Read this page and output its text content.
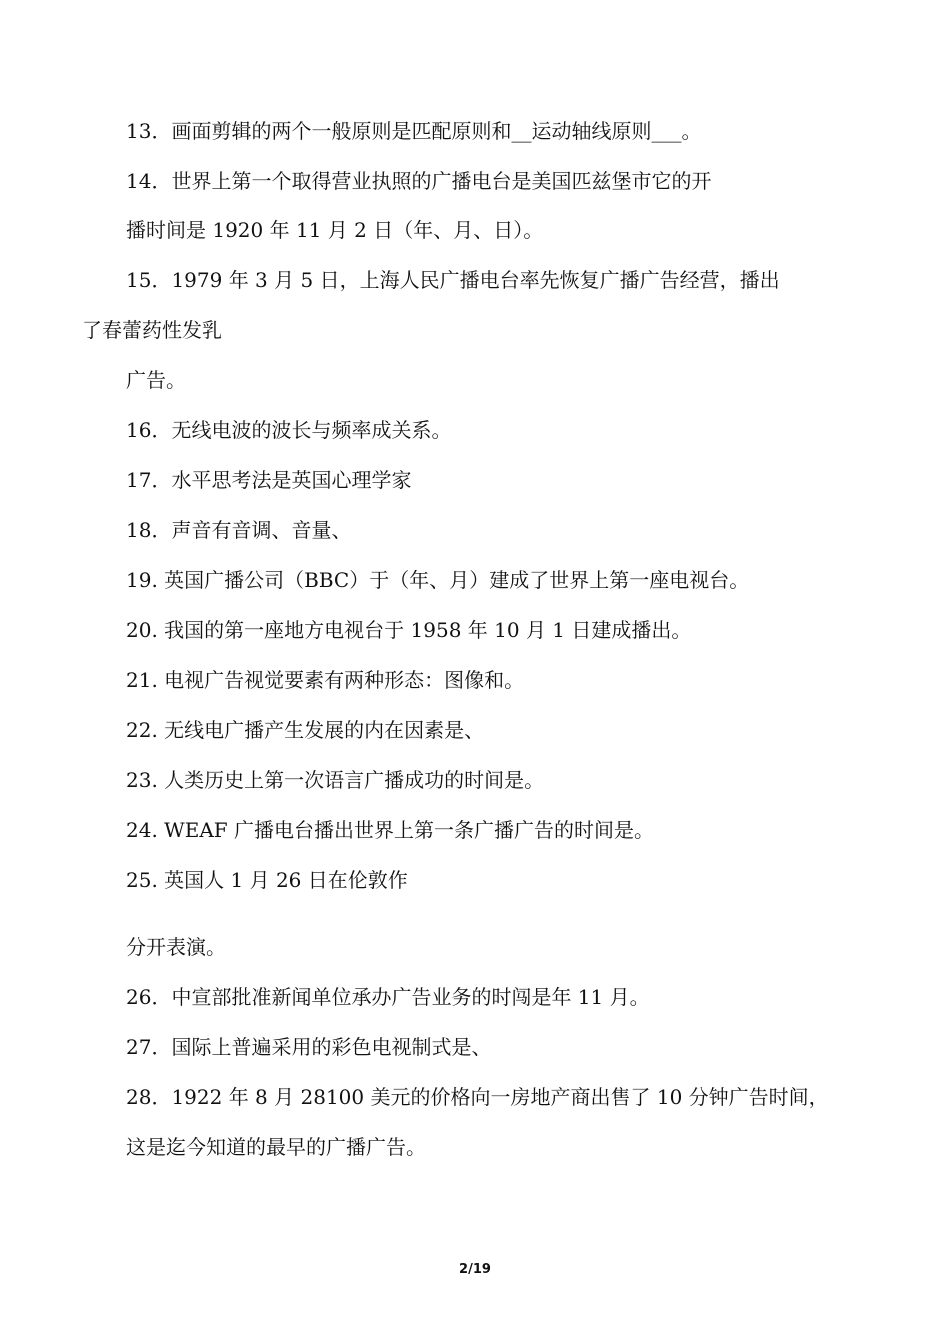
13．画面剪辑的两个一般原则是匹配原则和__运动轴线原则___。
14．世界上第一个取得营业执照的广播电台是美国匹兹堡市它的开
播时间是 1920 年 11 月 2 日（年、月、日）。
15．1979 年 3 月 5 日，上海人民广播电台率先恢复广播广告经营，播出
了春蕾药性发乳
广告。
16．无线电波的波长与频率成关系。
17．水平思考法是英国心理学家
18．声音有音调、音量、
19. 英国广播公司（BBC）于（年、月）建成了世界上第一座电视台。
20. 我国的第一座地方电视台于 1958 年 10 月 1 日建成播出。
21. 电视广告视觉要素有两种形态：图像和。
22. 无线电广播产生发展的内在因素是、
23. 人类历史上第一次语言广播成功的时间是。
24. WEAF 广播电台播出世界上第一条广播广告的时间是。
25. 英国人 1 月 26 日在伦敦作
分开表演。
26．中宣部批准新闻单位承办广告业务的时闯是年 11 月。
27．国际上普遍采用的彩色电视制式是、
28．1922 年 8 月 28100 美元的价格向一房地产商出售了 10 分钟广告时间，
这是迄今知道的最早的广播广告。
2/19
